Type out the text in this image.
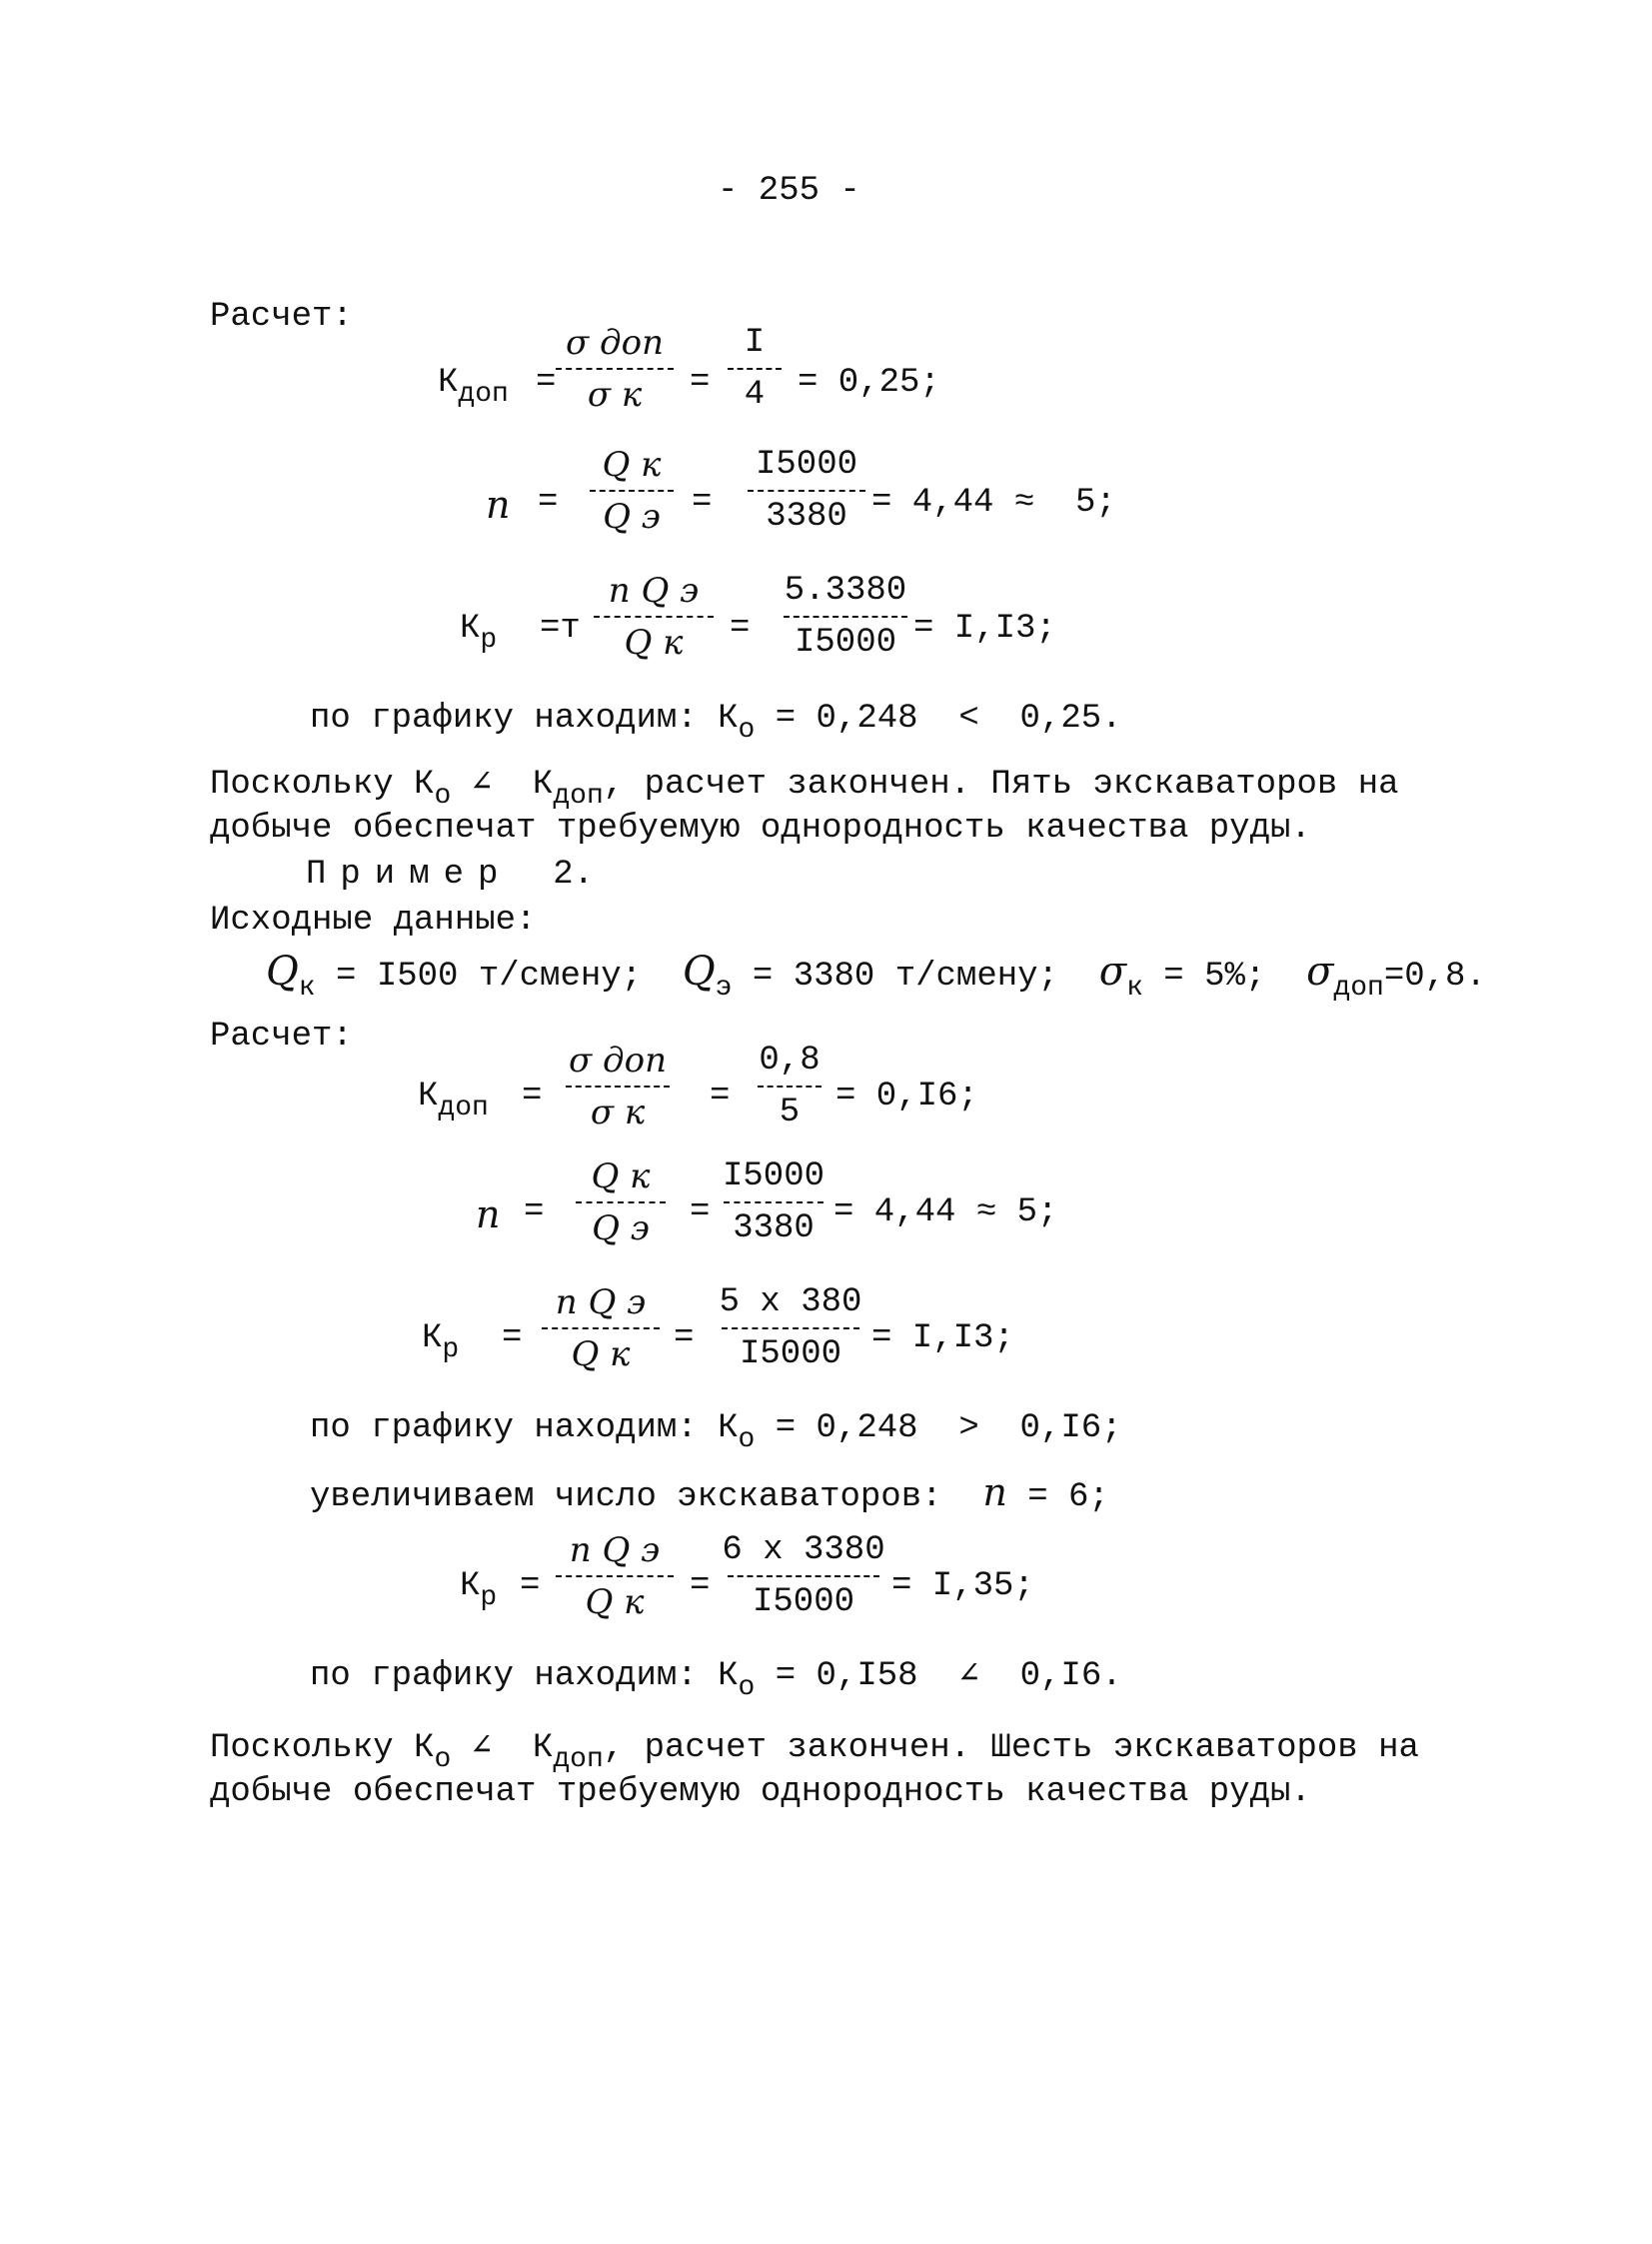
- 255 -
Расчет:
$К_{доп}$ =
σ доп
σ к =
I
4 = 0,25;
n =
Q к
Q э =
I5000
3380 = 4,44 ≈  5;
$К_р =т$
n Q э
Q к =
5.3380
I5000 = I,I3;
по графику находим: $К_о = 0,248 < 0,25$.
Поскольку $К_о$ ∠  $К_{доп}$, расчет закончен. Пять экскаваторов на
добыче обеспечат требуемую однородность качества руды.
Пример 2.
Исходные данные:
$Q_к = I500$ т/смену; $Q_э = 3380$ т/смену; $\sigma_к = 5\%$; $\sigma_{доп}=0,8$.
Расчет:
$К_{доп}$ =
σ доп
σ к =
0,8
5 = 0,I6;
n =
Q к
Q э =
I5000
3380 = 4,44 ≈ 5;
$К_р$ =
n Q э
Q к =
5 х 380
I5000 = I,I3;
по графику находим: $К_о = 0,248 > 0,I6$;
увеличиваем число экскаваторов:  n = 6;
$К_р$ =
n Q э
Q к =
6 х 3380
I5000 = I,35;
по графику находим: $К_о = 0,I58$  ∠  0,I6.
Поскольку $К_о$ ∠  $К_{доп}$, расчет закончен. Шесть экскаваторов на
добыче обеспечат требуемую однородность качества руды.
